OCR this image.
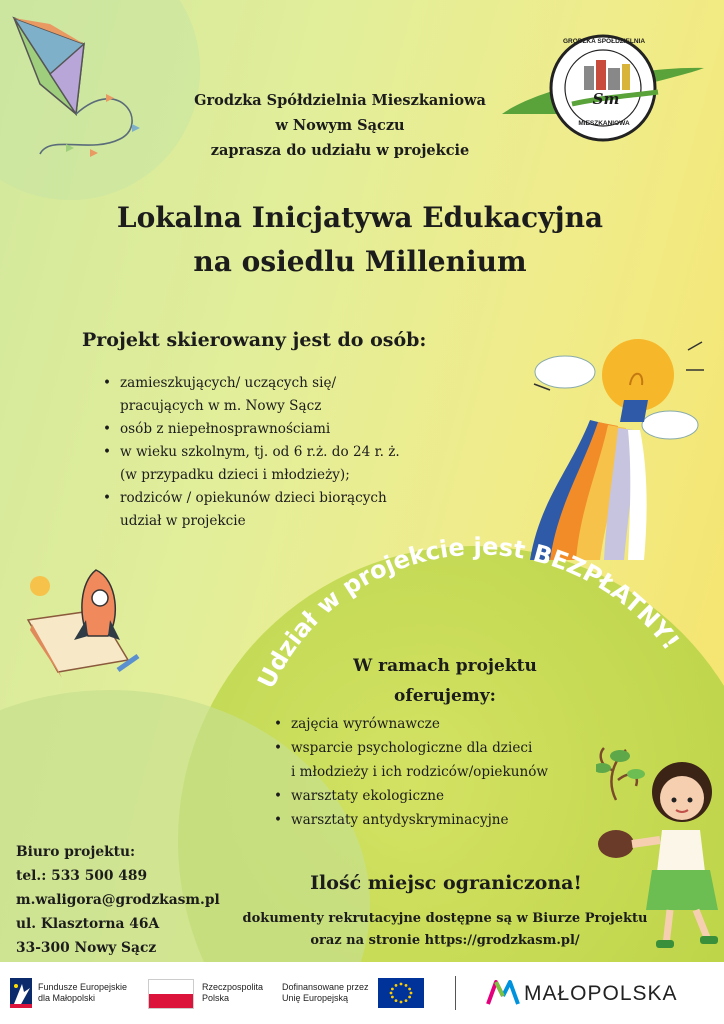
GRODZKA SPÓŁDZIELNIA
Sm
MIESZKANIOWA
Grodzka Spółdzielnia Mieszkaniowa
w Nowym Sączu
zaprasza do udziału w projekcie
Lokalna Inicjatywa Edukacyjna
na osiedlu Millenium
Projekt skierowany jest do osób:
• zamieszkujących/ uczących się/
pracujących w m. Nowy Sącz
• osób z niepełnosprawnościami
• w wieku szkolnym, tj. od 6 r.ż. do 24 r. ż.
(w przypadku dzieci i młodzieży);
• rodziców / opiekunów dzieci biorących
udział w projekcie
Udział w projekcie jest BEZPŁATNY!
W ramach projektu
oferujemy:
• zajęcia wyrównawcze
• wsparcie psychologiczne dla dzieci
i młodzieży i ich rodziców/opiekunów
• warsztaty ekologiczne
• warsztaty antydyskryminacyjne
Biuro projektu:
tel.: 533 500 489
m.waligora@grodzkasm.pl
ul. Klasztorna 46A
33-300 Nowy Sącz
Ilość miejsc ograniczona!
dokumenty rekrutacyjne dostępne są w Biurze Projektu
oraz na stronie https://grodzkasm.pl/
Fundusze Europejskie
dla Małopolski
Rzeczpospolita
Polska
Dofinansowane przez
Unię Europejską	MAŁOPOLSKA
